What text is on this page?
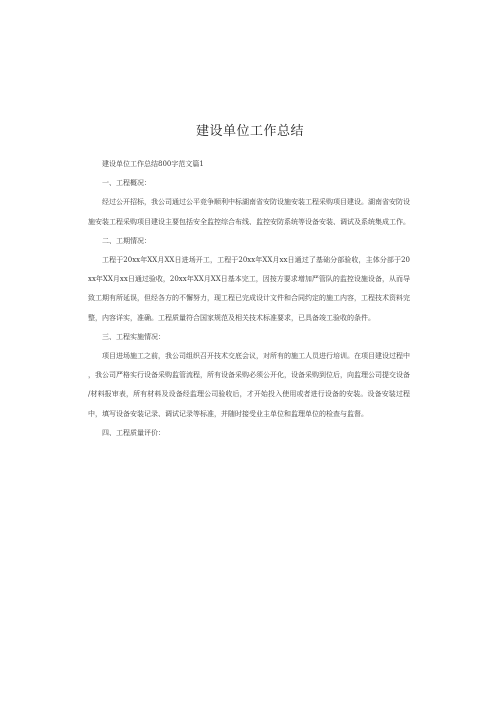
建设单位工作总结

建设单位工作总结800字范文篇1

一、工程概况：

经过公开招标，我公司通过公平竞争顺利中标湖南省安防设施安装工程采购项目建设。湖南省安防设施安装工程采购项目建设主要包括安全监控综合布线、监控安防系统等设备安装、调试及系统集成工作。

二、工期情况：

工程于20xx年XX月XX日进场开工，工程于20xx年XX月xx日通过了基础分部验收，主体分部于20xx年XX月xx日通过验收，20xx年XX月XX日基本完工，因按方要求增加严管队的监控设施设备，从而导致工期有所延误，但经各方的不懈努力，现工程已完成设计文件和合同约定的施工内容，工程技术资料完整，内容详实，准确。工程质量符合国家规范及相关技术标准要求，已具备竣工验收的条件。

三、工程实施情况：

项目进场施工之前，我公司组织召开技术交底会议，对所有的施工人员进行培训。在项目建设过程中，我公司严格实行设备采购监管流程，所有设备采购必须公开化，设备采购到位后，向监理公司提交设备/材料报审表，所有材料及设备经监理公司验收后，才开始投入使用或者进行设备的安装。设备安装过程中，填写设备安装记录、调试记录等标准，并随时接受业主单位和监理单位的检查与监督。

四、工程质量评价：
